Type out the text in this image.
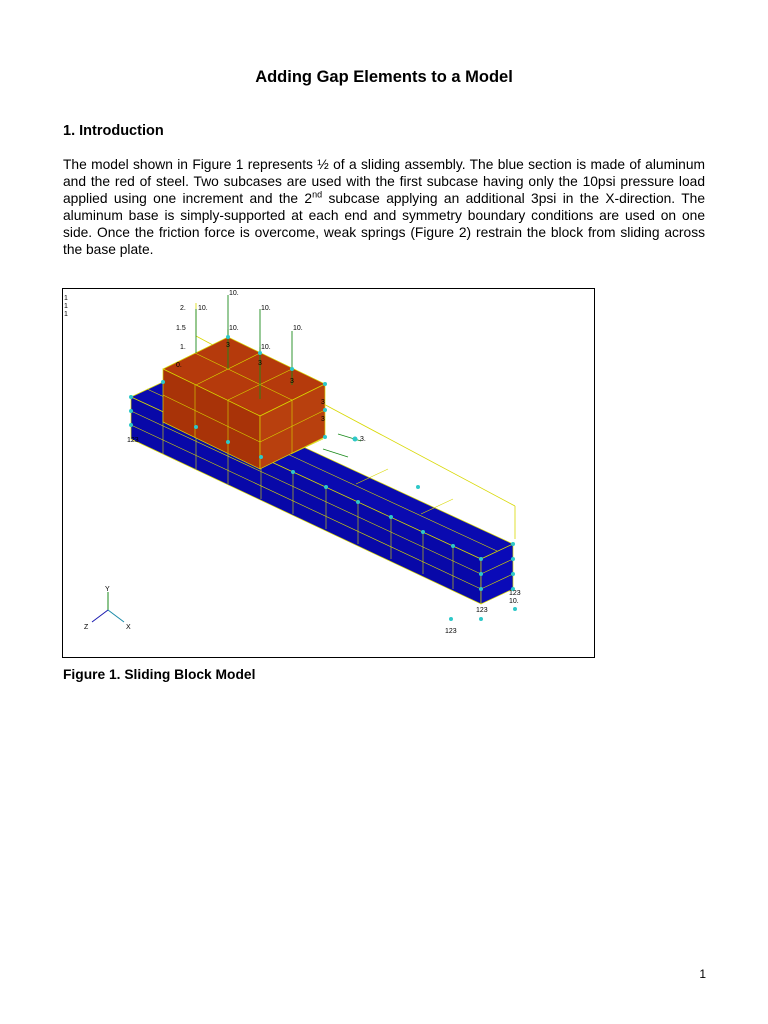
Adding Gap Elements to a Model
1. Introduction
The model shown in Figure 1 represents ½ of a sliding assembly. The blue section is made of aluminum and the red of steel. Two subcases are used with the first subcase having only the 10psi pressure load applied using one increment and the 2nd subcase applying an additional 3psi in the X-direction. The aluminum base is simply-supported at each end and symmetry boundary conditions are used on one side. Once the friction force is overcome, weak springs (Figure 2) restrain the block from sliding across the base plate.
1
1
1
2.
1.5
1.
0.
10.	10.
10.	10.
10.
10.
3
3
3
3
3
3.
10.
123
123
123
123
Y
X
Z
Figure 1. Sliding Block Model
1
